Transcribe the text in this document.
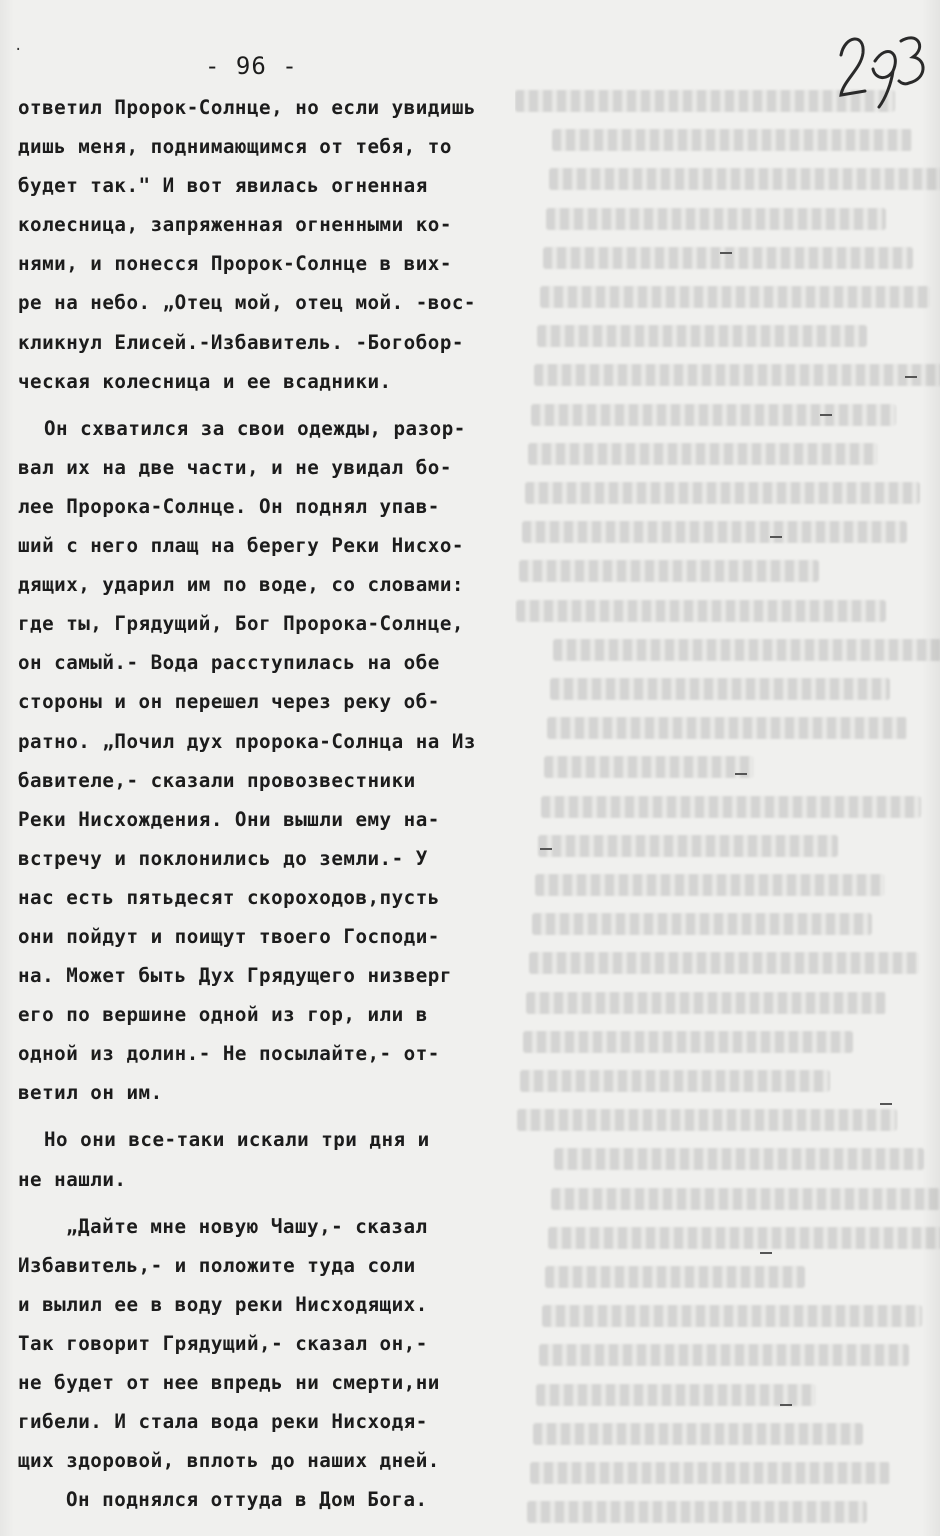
·
- 96 -
ответил Пророк-Солнце, но если увидишь
дишь меня, поднимающимся от тебя, то
будет так." И вот явилась огненная
колесница, запряженная огненными ко-
нями, и понесся Пророк-Солнце в вих-
ре на небо. „Отец мой, отец мой. -вос-
кликнул Елисей.-Избавитель. -Богобор-
ческая колесница и ее всадники.
Он схватился за свои одежды, разор-
вал их на две части, и не увидал бо-
лее Пророка-Солнце. Он поднял упав-
ший с него плащ на берегу Реки Нисхо-
дящих, ударил им по воде, со словами:
где ты, Грядущий, Бог Пророка-Солнце,
он самый.- Вода расступилась на обе
стороны и он перешел через реку об-
ратно. „Почил дух пророка-Солнца на Из
бавителе,- сказали провозвестники
Реки Нисхождения. Они вышли ему на-
встречу и поклонились до земли.- У
нас есть пятьдесят скороходов,пусть
они пойдут и поищут твоего Господи-
на. Может быть Дух Грядущего низверг
его по вершине одной из гор, или в
одной из долин.- Не посылайте,- от-
ветил он им.
Но они все-таки искали три дня и
не нашли.
„Дайте мне новую Чашу,- сказал
Избавитель,- и положите туда соли
и вылил ее в воду реки Нисходящих.
Так говорит Грядущий,- сказал он,-
не будет от нее впредь ни смерти,ни
гибели. И стала вода реки Нисходя-
щих здоровой, вплоть до наших дней.
Он поднялся оттуда в Дом Бога.
